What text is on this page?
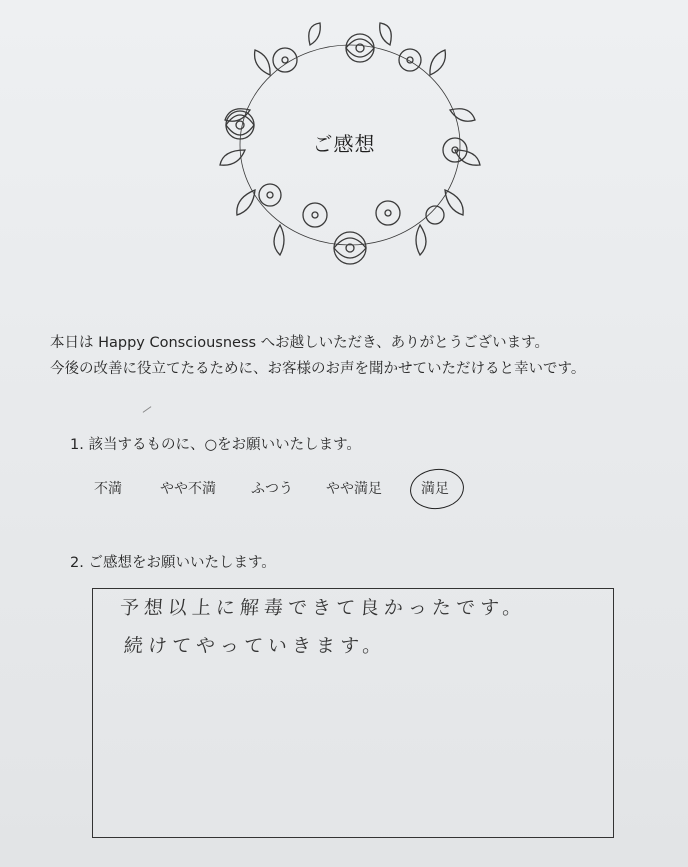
ご感想

本日は Happy Consciousness へお越しいただき、ありがとうございます。

今後の改善に役立てたるために、お客様のお声を聞かせていただけると幸いです。

1. 該当するものに、○をお願いいたします。
不満	やや不満	ふつう やや満足	満足
2. ご感想をお願いいたします。
予想以上に解毒できて良かったです。
続けてやっていきます。
